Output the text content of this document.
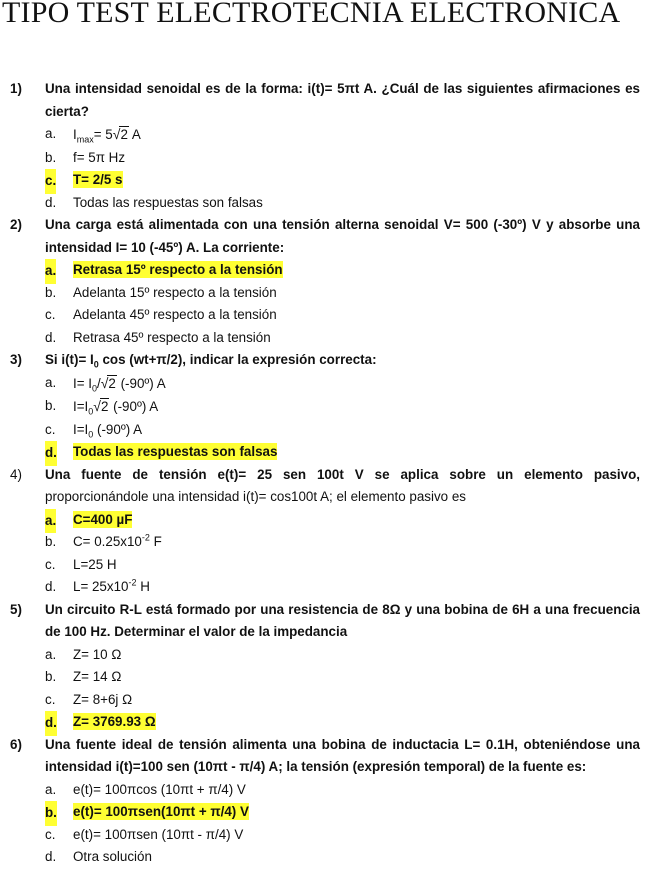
TIPO TEST ELECTROTECNIA ELECTRONICA
1)	Una intensidad senoidal es de la forma: i(t)= 5πt A. ¿Cuál de las siguientes afirmaciones es cierta?
a. $I_{max}= 5√2$ A
b. f= 5π Hz
c. T= 2/5 s
d. Todas las respuestas son falsas
2)	Una carga está alimentada con una tensión alterna senoidal V= 500 (-30º) V y absorbe una intensidad I= 10 (-45º) A. La corriente:
a. Retrasa 15º respecto a la tensión
b. Adelanta 15º respecto a la tensión
c. Adelanta 45º respecto a la tensión
d. Retrasa 45º respecto a la tensión
3)	Si $i(t)= I_0$ cos (wt+π/2), indicar la expresión correcta:
a. $I= I_0/√2$ (-90º) A
b. $I=I_0√2$ (-90º) A
c. $I=I_0$ (-90º) A
d. Todas las respuestas son falsas
4)	Una fuente de tensión e(t)= 25 sen 100t V se aplica sobre un elemento pasivo, proporcionándole una intensidad i(t)= cos100t A; el elemento pasivo es
a. C=400 µF
b. $C= 0.25x10^{-2}$ F
c. L=25 H
d. $L= 25x10^{-2}$ H
5)	Un circuito R-L está formado por una resistencia de 8Ω y una bobina de 6H a una frecuencia de 100 Hz. Determinar el valor de la impedancia
a. Z= 10 Ω
b. Z= 14 Ω
c. Z= 8+6j Ω
d. Z= 3769.93 Ω
6)	Una fuente ideal de tensión alimenta una bobina de inductacia L= 0.1H, obteniéndose una intensidad i(t)=100 sen (10πt - π/4) A; la tensión (expresión temporal) de la fuente es:
a. e(t)= 100πcos (10πt + π/4) V
b. e(t)= 100πsen(10πt + π/4) V
c. e(t)= 100πsen (10πt - π/4) V
d. Otra solución
